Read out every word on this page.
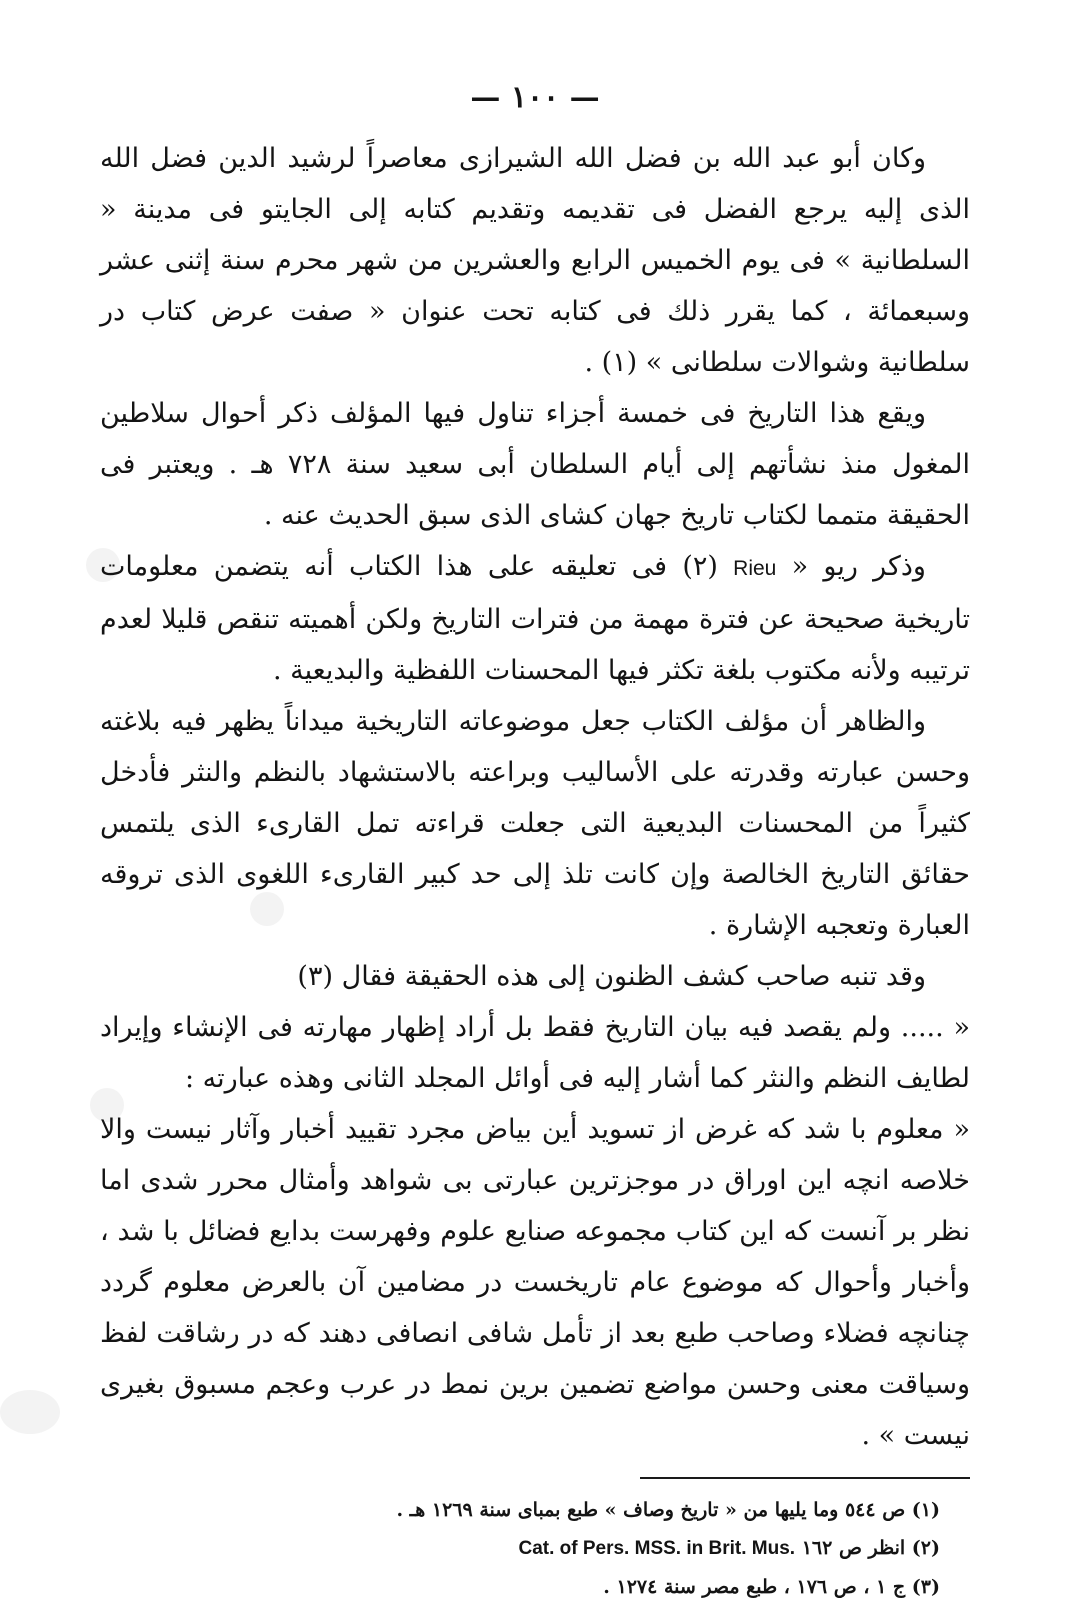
— ١٠٠ —

وكان أبو عبد الله بن فضل الله الشيرازى معاصراً لرشيد الدين فضل الله الذى إليه يرجع الفضل فى تقديمه وتقديم كتابه إلى الجايتو فى مدينة « السلطانية » فى يوم الخميس الرابع والعشرين من شهر محرم سنة إثنى عشر وسبعمائة ، كما يقرر ذلك فى كتابه تحت عنوان « صفت عرض كتاب در سلطانية وشوالات سلطانى » (١) .

ويقع هذا التاريخ فى خمسة أجزاء تناول فيها المؤلف ذكر أحوال سلاطين المغول منذ نشأتهم إلى أيام السلطان أبى سعيد سنة ٧٢٨ هـ . ويعتبر فى الحقيقة متمما لكتاب تاريخ جهان كشاى الذى سبق الحديث عنه .

وذكر ريو « Rieu (٢) فى تعليقه على هذا الكتاب أنه يتضمن معلومات تاريخية صحيحة عن فترة مهمة من فترات التاريخ ولكن أهميته تنقص قليلا لعدم ترتيبه ولأنه مكتوب بلغة تكثر فيها المحسنات اللفظية والبديعية .

والظاهر أن مؤلف الكتاب جعل موضوعاته التاريخية ميداناً يظهر فيه بلاغته وحسن عبارته وقدرته على الأساليب وبراعته بالاستشهاد بالنظم والنثر فأدخل كثيراً من المحسنات البديعية التى جعلت قراءته تمل القارىء الذى يلتمس حقائق التاريخ الخالصة وإن كانت تلذ إلى حد كبير القارىء اللغوى الذى تروقه العبارة وتعجبه الإشارة .

وقد تنبه صاحب كشف الظنون إلى هذه الحقيقة فقال (٣)

« ..... ولم يقصد فيه بيان التاريخ فقط بل أراد إظهار مهارته فى الإنشاء وإيراد لطايف النظم والنثر كما أشار إليه فى أوائل المجلد الثانى وهذه عبارته :

« معلوم با شد كه غرض از تسويد أين بياض مجرد تقييد أخبار وآثار نيست والا خلاصه انچه اين اوراق در موجزترين عبارتى بى شواهد وأمثال محرر شدى اما نظر بر آنست كه اين كتاب مجموعه صنايع علوم وفهرست بدايع فضائل با شد ، وأخبار وأحوال كه موضوع عام تاريخست در مضامين آن بالعرض معلوم گردد چنانچه فضلاء وصاحب طبع بعد از تأمل شافى انصافى دهند كه در رشاقت لفظ وسياقت معنى وحسن مواضع تضمين برين نمط در عرب وعجم مسبوق بغيرى نيست » .

(١) ص ٥٤٤ وما يليها من « تاريخ وصاف » طبع بمباى سنة ١٢٦٩ هـ .

(٢) انظر ص ١٦٢ Cat. of Pers. MSS. in Brit. Mus.

(٣) ج ١ ، ص ١٧٦ ، طبع مصر سنة ١٢٧٤ .
